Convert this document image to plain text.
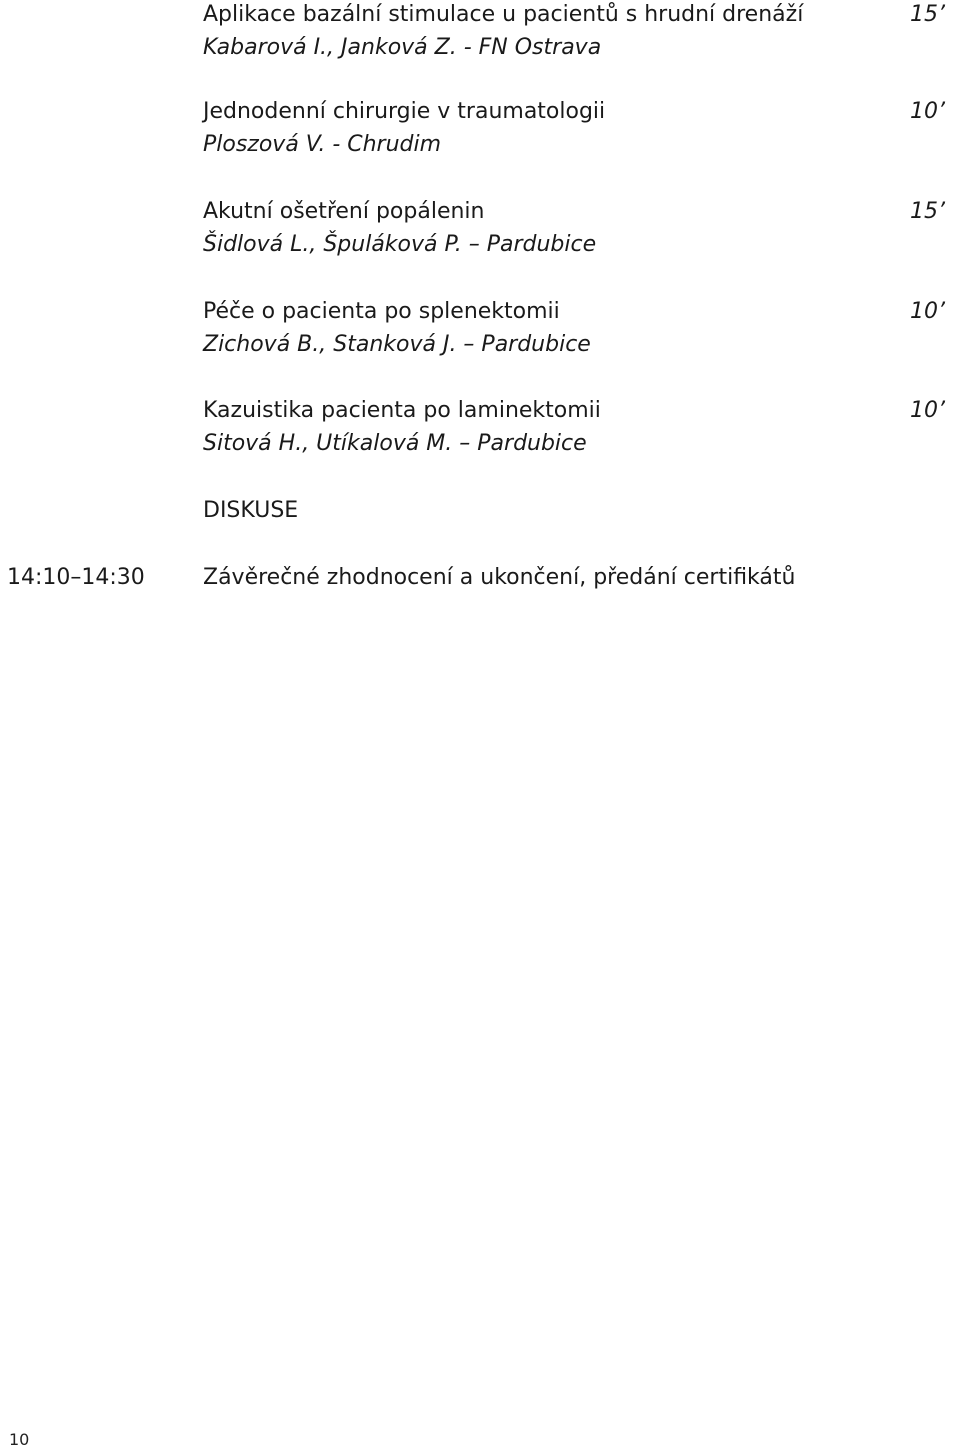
Aplikace bazální stimulace u pacientů s hrudní drenáží
Kabarová I., Janková Z. - FN Ostrava
15’
Jednodenní chirurgie v traumatologii
Ploszová V. - Chrudim
10’
Akutní ošetření popálenin
Šidlová L., Špuláková P. – Pardubice
15’
Péče o pacienta po splenektomii
Zichová B., Stanková J. – Pardubice
10’
Kazuistika pacienta po laminektomii
Sitová H., Utíkalová M. – Pardubice
10’
DISKUSE
14:10–14:30	Závěrečné zhodnocení a ukončení, předání certifikátů
10
